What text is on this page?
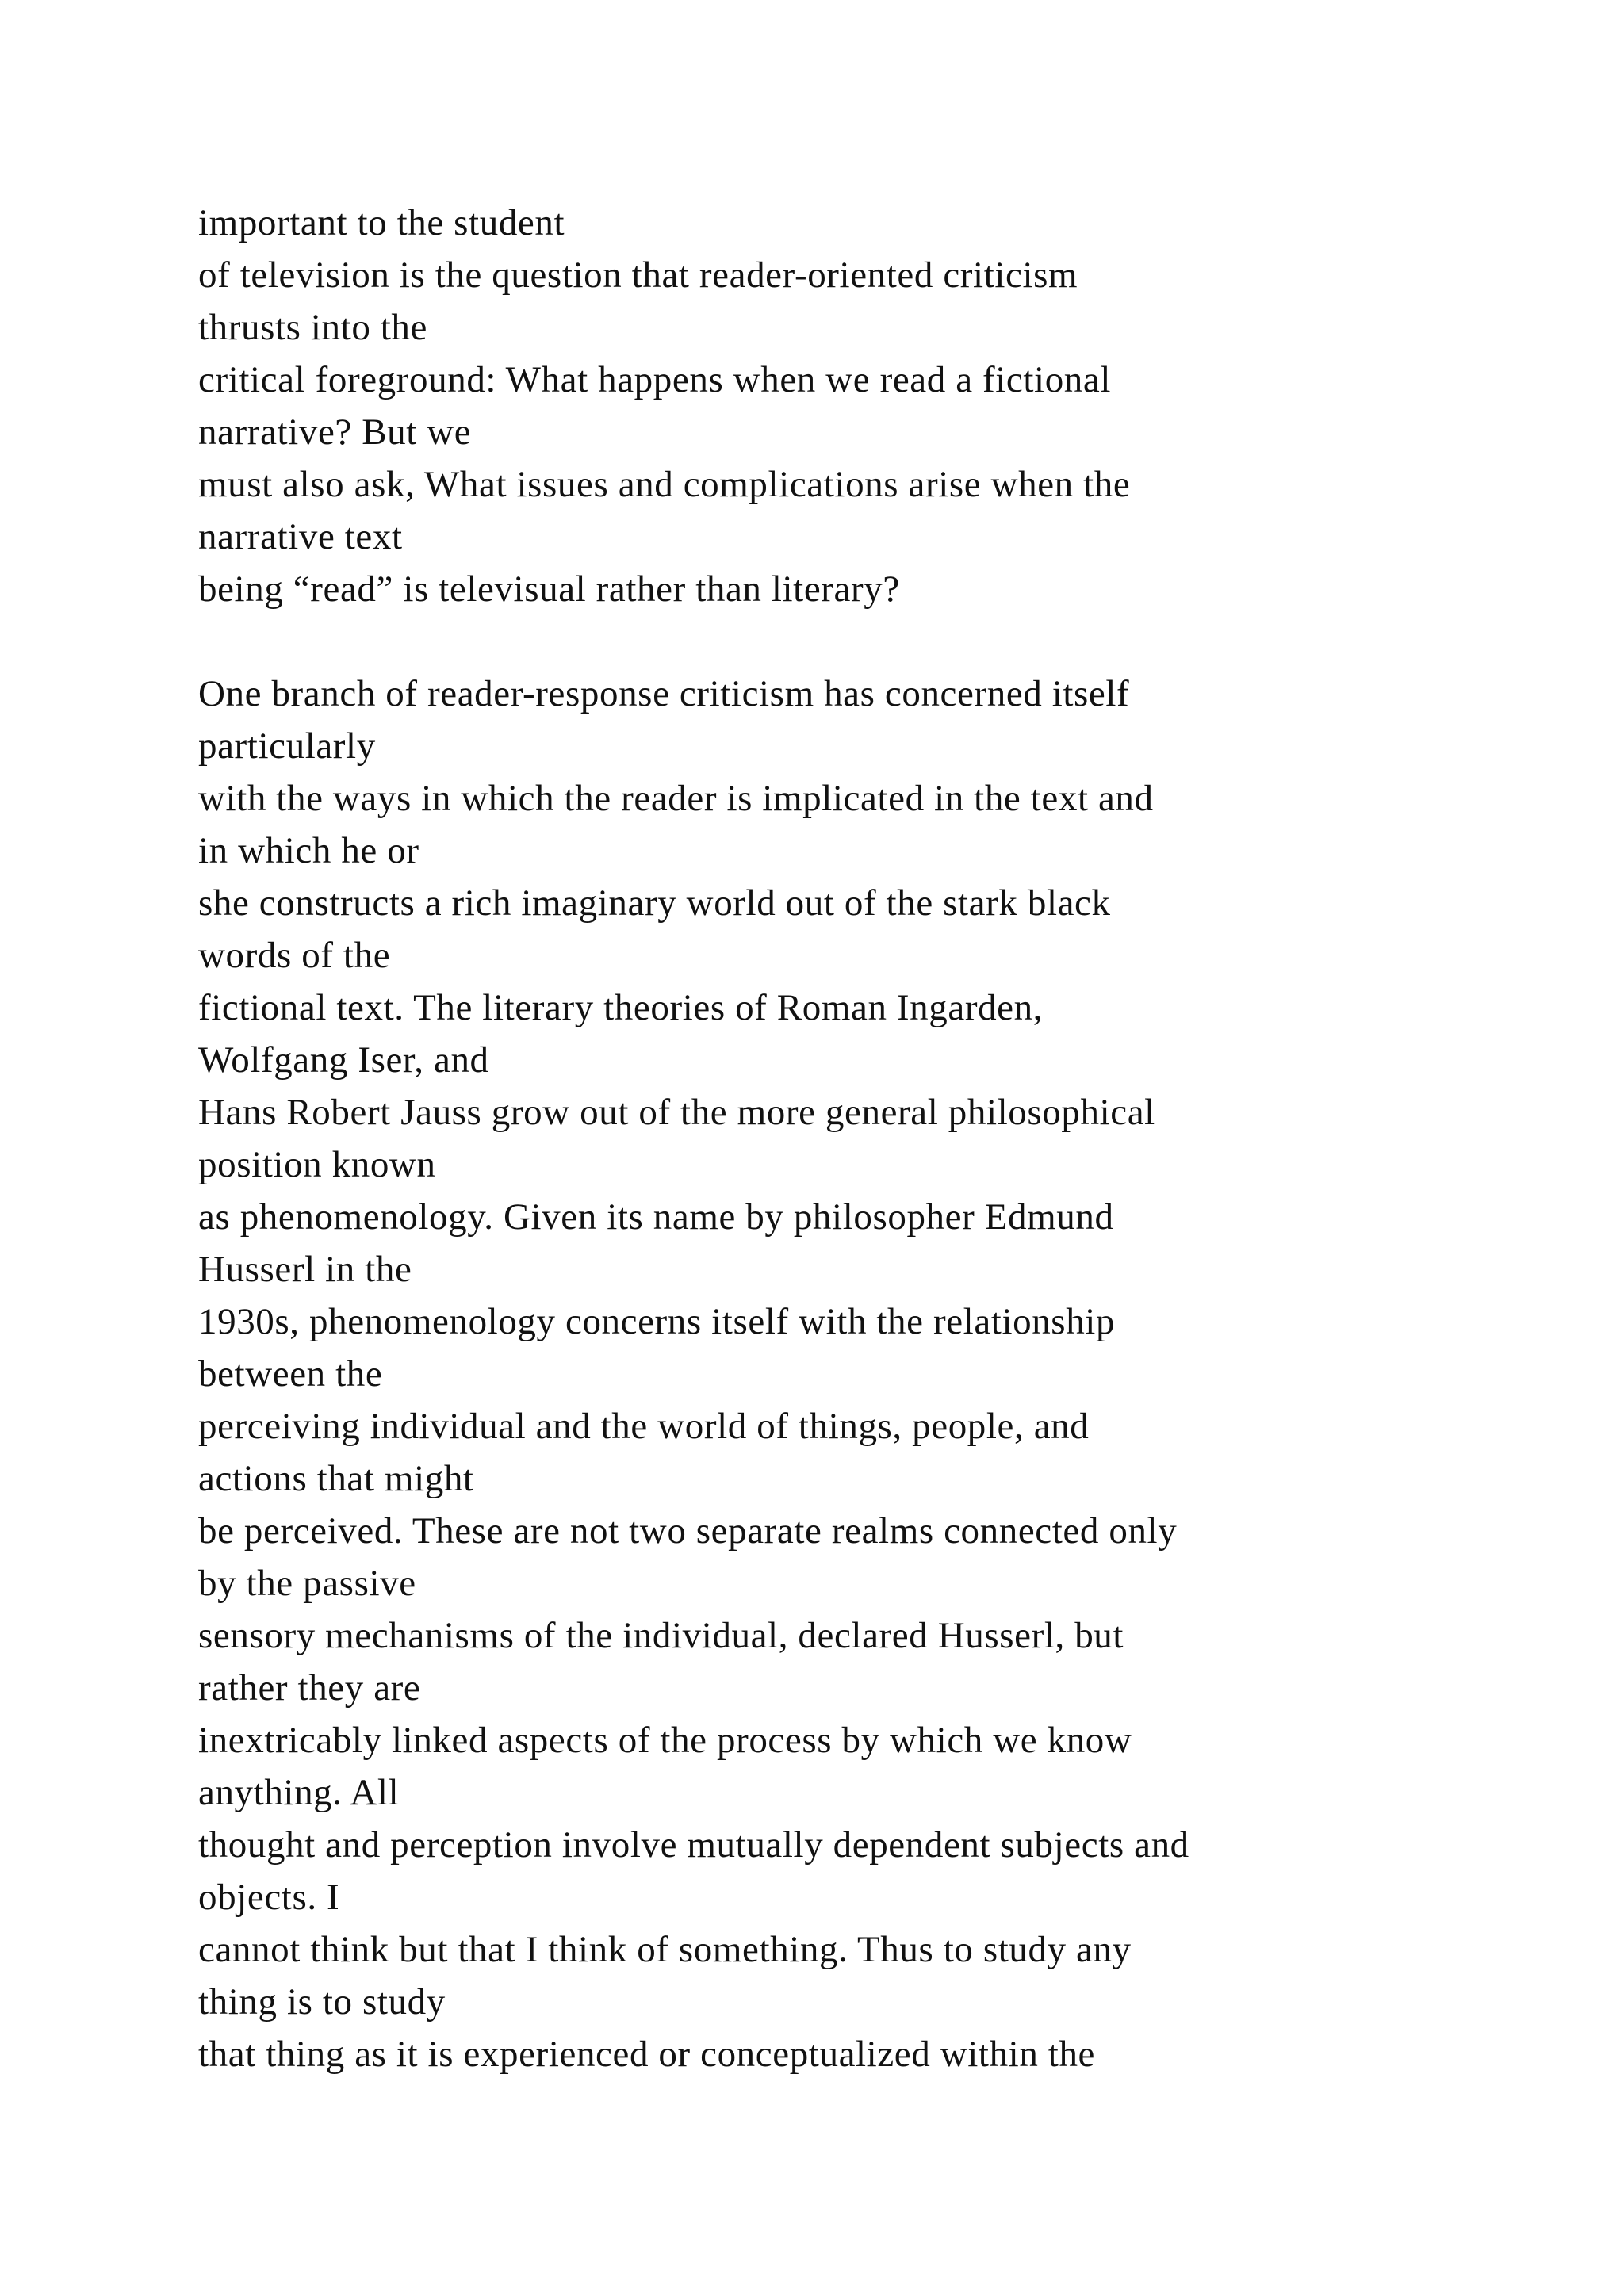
important to the student
of television is the question that reader-oriented criticism
thrusts into the
critical foreground: What happens when we read a fictional
narrative? But we
must also ask, What issues and complications arise when the
narrative text
being “read” is televisual rather than literary?
One branch of reader-response criticism has concerned itself
particularly
with the ways in which the reader is implicated in the text and
in which he or
she constructs a rich imaginary world out of the stark black
words of the
fictional text. The literary theories of Roman Ingarden,
Wolfgang Iser, and
Hans Robert Jauss grow out of the more general philosophical
position known
as phenomenology. Given its name by philosopher Edmund
Husserl in the
1930s, phenomenology concerns itself with the relationship
between the
perceiving individual and the world of things, people, and
actions that might
be perceived. These are not two separate realms connected only
by the passive
sensory mechanisms of the individual, declared Husserl, but
rather they are
inextricably linked aspects of the process by which we know
anything. All
thought and perception involve mutually dependent subjects and
objects. I
cannot think but that I think of something. Thus to study any
thing is to study
that thing as it is experienced or conceptualized within the
